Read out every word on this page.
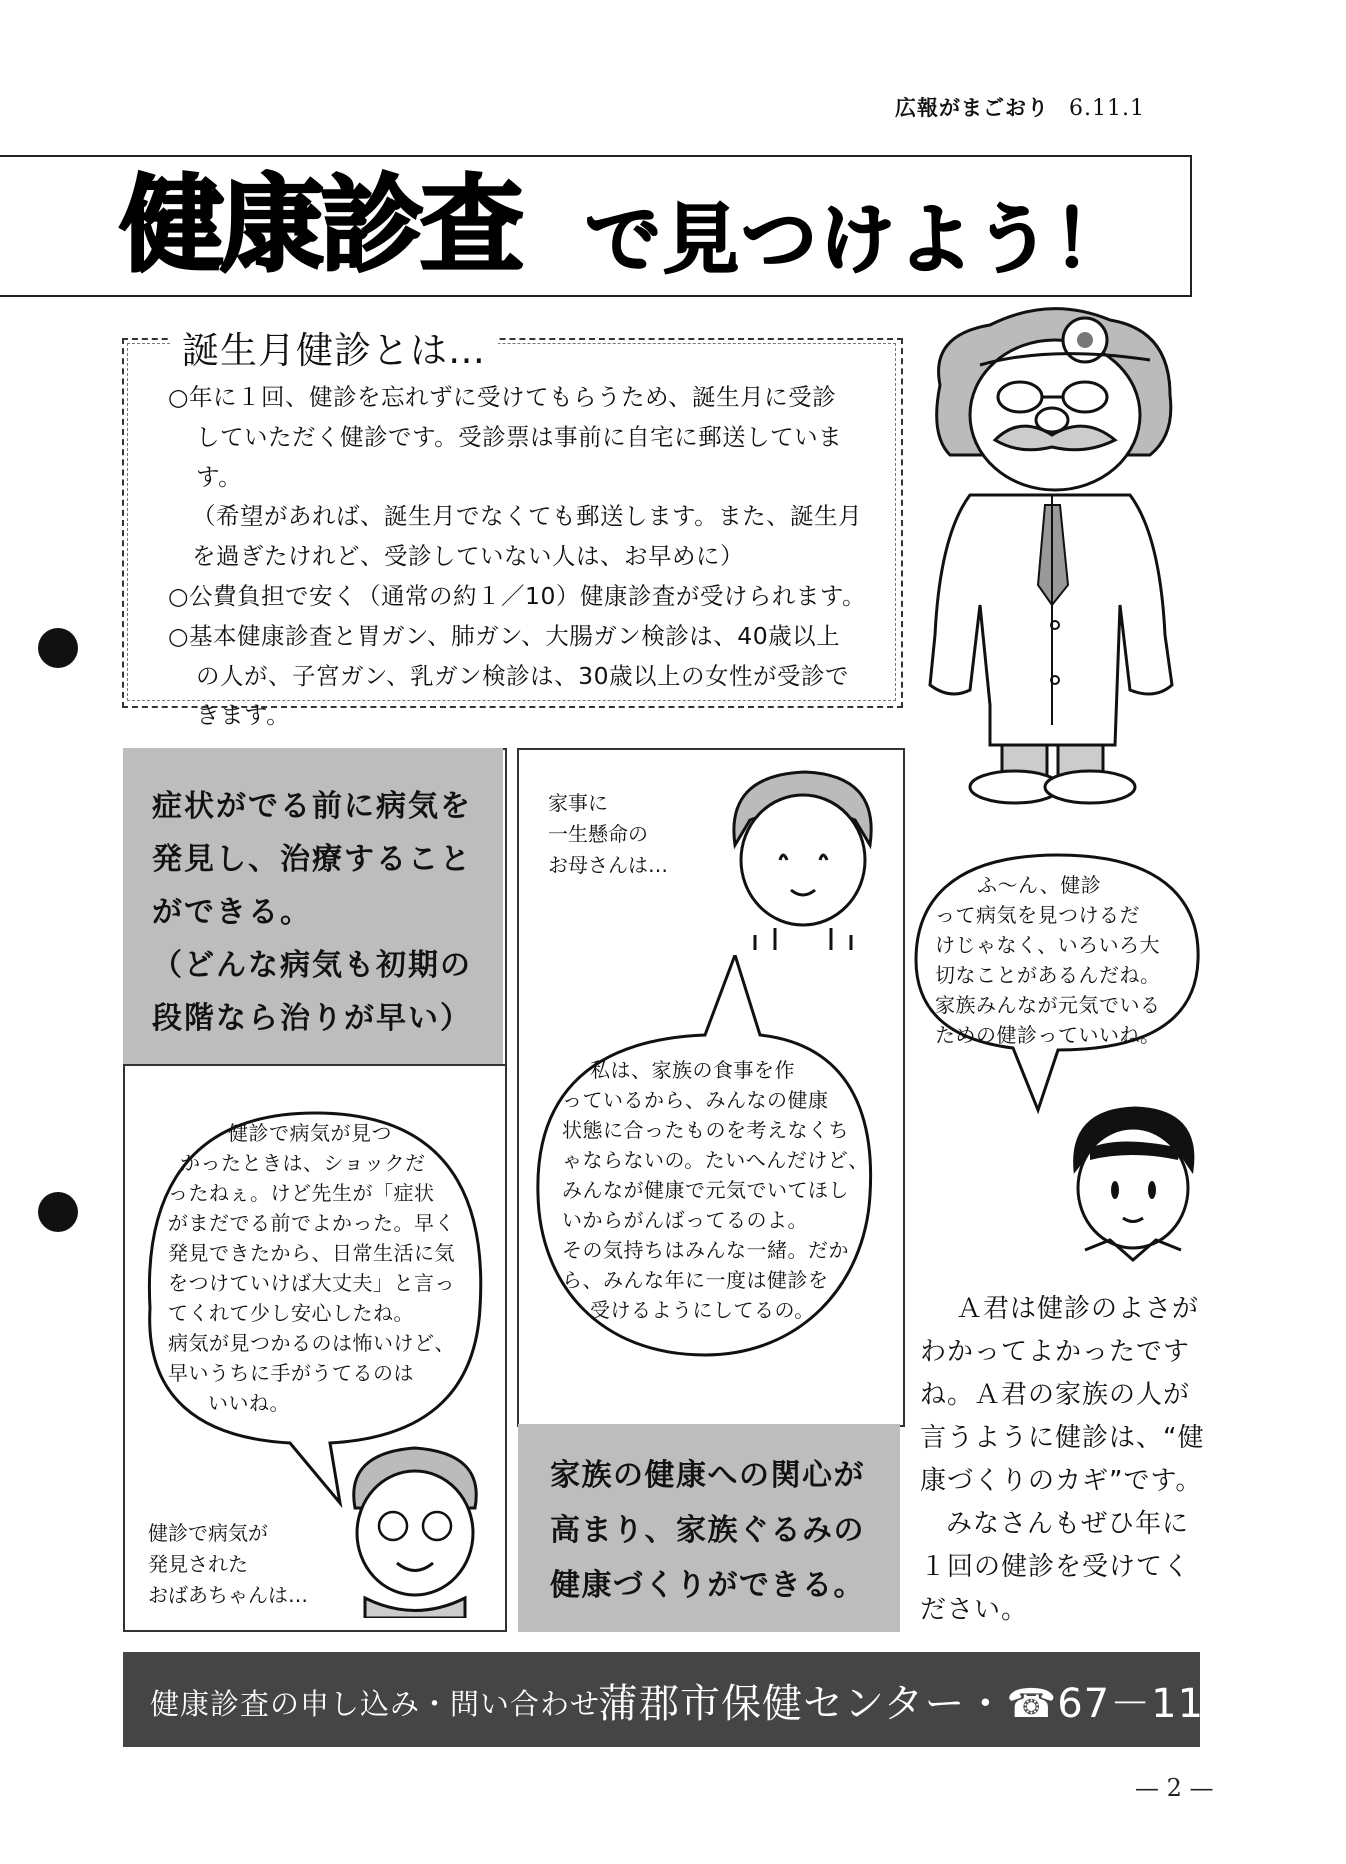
広報がまごおり 6.11.1
健康診査 で見つけよう！
誕生月健診とは…

○年に１回、健診を忘れずに受けてもらうため、誕生月に受診

していただく健診です。受診票は事前に自宅に郵送しています。

（希望があれば、誕生月でなくても郵送します。また、誕生月

を過ぎたけれど、受診していない人は、お早めに）

○公費負担で安く（通常の約１／10）健康診査が受けられます。

○基本健康診査と胃ガン、肺ガン、大腸ガン検診は、40歳以上

の人が、子宮ガン、乳ガン検診は、30歳以上の女性が受診で

きます。

症状がでる前に病気を

発見し、治療すること

ができる。

（どんな病気も初期の

段階なら治りが早い）

健診で病気が見つ

かったときは、ショックだ

ったねぇ。けど先生が「症状

がまだでる前でよかった。早く

発見できたから、日常生活に気

をつけていけば大丈夫」と言っ

てくれて少し安心したね。

病気が見つかるのは怖いけど、

早いうちに手がうてるのは

いいね。

健診で病気が

発見された

おばあちゃんは…

家事に

一生懸命の

お母さんは…

私は、家族の食事を作

っているから、みんなの健康

状態に合ったものを考えなくち

ゃならないの。たいへんだけど、

みんなが健康で元気でいてほし

いからがんばってるのよ。

その気持ちはみんな一緒。だか

ら、みんな年に一度は健診を

受けるようにしてるの。

家族の健康への関心が

高まり、家族ぐるみの

健康づくりができる。

ふ〜ん、健診

って病気を見つけるだ

けじゃなく、いろいろ大

切なことがあるんだね。

家族みんなが元気でいる

ための健診っていいね。

Ａ君は健診のよさが

わかってよかったです

ね。Ａ君の家族の人が

言うように健診は、“健

康づくりのカギ”です。

みなさんもぜひ年に

１回の健診を受けてく

ださい。

健康診査の申し込み・問い合わせ
蒲郡市保健センター・☎67－1151
— 2 —
